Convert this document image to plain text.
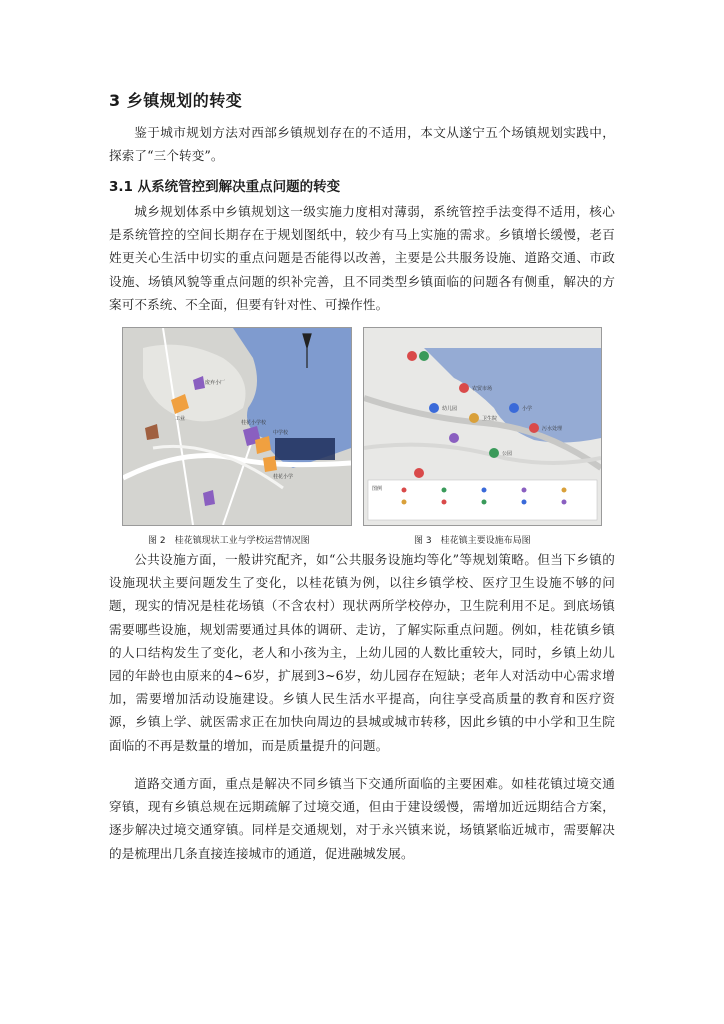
3 乡镇规划的转变

鉴于城市规划方法对西部乡镇规划存在的不适用，本文从遂宁五个场镇规划实践中，探索了“三个转变”。

3.1 从系统管控到解决重点问题的转变

城乡规划体系中乡镇规划这一级实施力度相对薄弱，系统管控手法变得不适用，核心是系统管控的空间长期存在于规划图纸中，较少有马上实施的需求。乡镇增长缓慢，老百姓更关心生活中切实的重点问题是否能得以改善，主要是公共服务设施、道路交通、市政设施、场镇风貌等重点问题的织补完善，且不同类型乡镇面临的问题各有侧重，解决的方案可不系统、不全面，但要有针对性、可操作性。

废弃小厂
桂花小学校
中学校
桂花小学
工业
农贸市场
幼儿园
卫生院
小学
污水处理
公园
图例
图 2　桂花镇现状工业与学校运营情况图	图 3　桂花镇主要设施布局图

公共设施方面，一般讲究配齐，如“公共服务设施均等化”等规划策略。但当下乡镇的设施现状主要问题发生了变化，以桂花镇为例，以往乡镇学校、医疗卫生设施不够的问题，现实的情况是桂花场镇（不含农村）现状两所学校停办，卫生院利用不足。到底场镇需要哪些设施，规划需要通过具体的调研、走访，了解实际重点问题。例如，桂花镇乡镇的人口结构发生了变化，老人和小孩为主，上幼儿园的人数比重较大，同时，乡镇上幼儿园的年龄也由原来的4~6岁，扩展到3~6岁，幼儿园存在短缺；老年人对活动中心需求增加，需要增加活动设施建设。乡镇人民生活水平提高，向往享受高质量的教育和医疗资源，乡镇上学、就医需求正在加快向周边的县城或城市转移，因此乡镇的中小学和卫生院面临的不再是数量的增加，而是质量提升的问题。

道路交通方面，重点是解决不同乡镇当下交通所面临的主要困难。如桂花镇过境交通穿镇，现有乡镇总规在远期疏解了过境交通，但由于建设缓慢，需增加近远期结合方案，逐步解决过境交通穿镇。同样是交通规划，对于永兴镇来说，场镇紧临近城市，需要解决的是梳理出几条直接连接城市的通道，促进融城发展。
